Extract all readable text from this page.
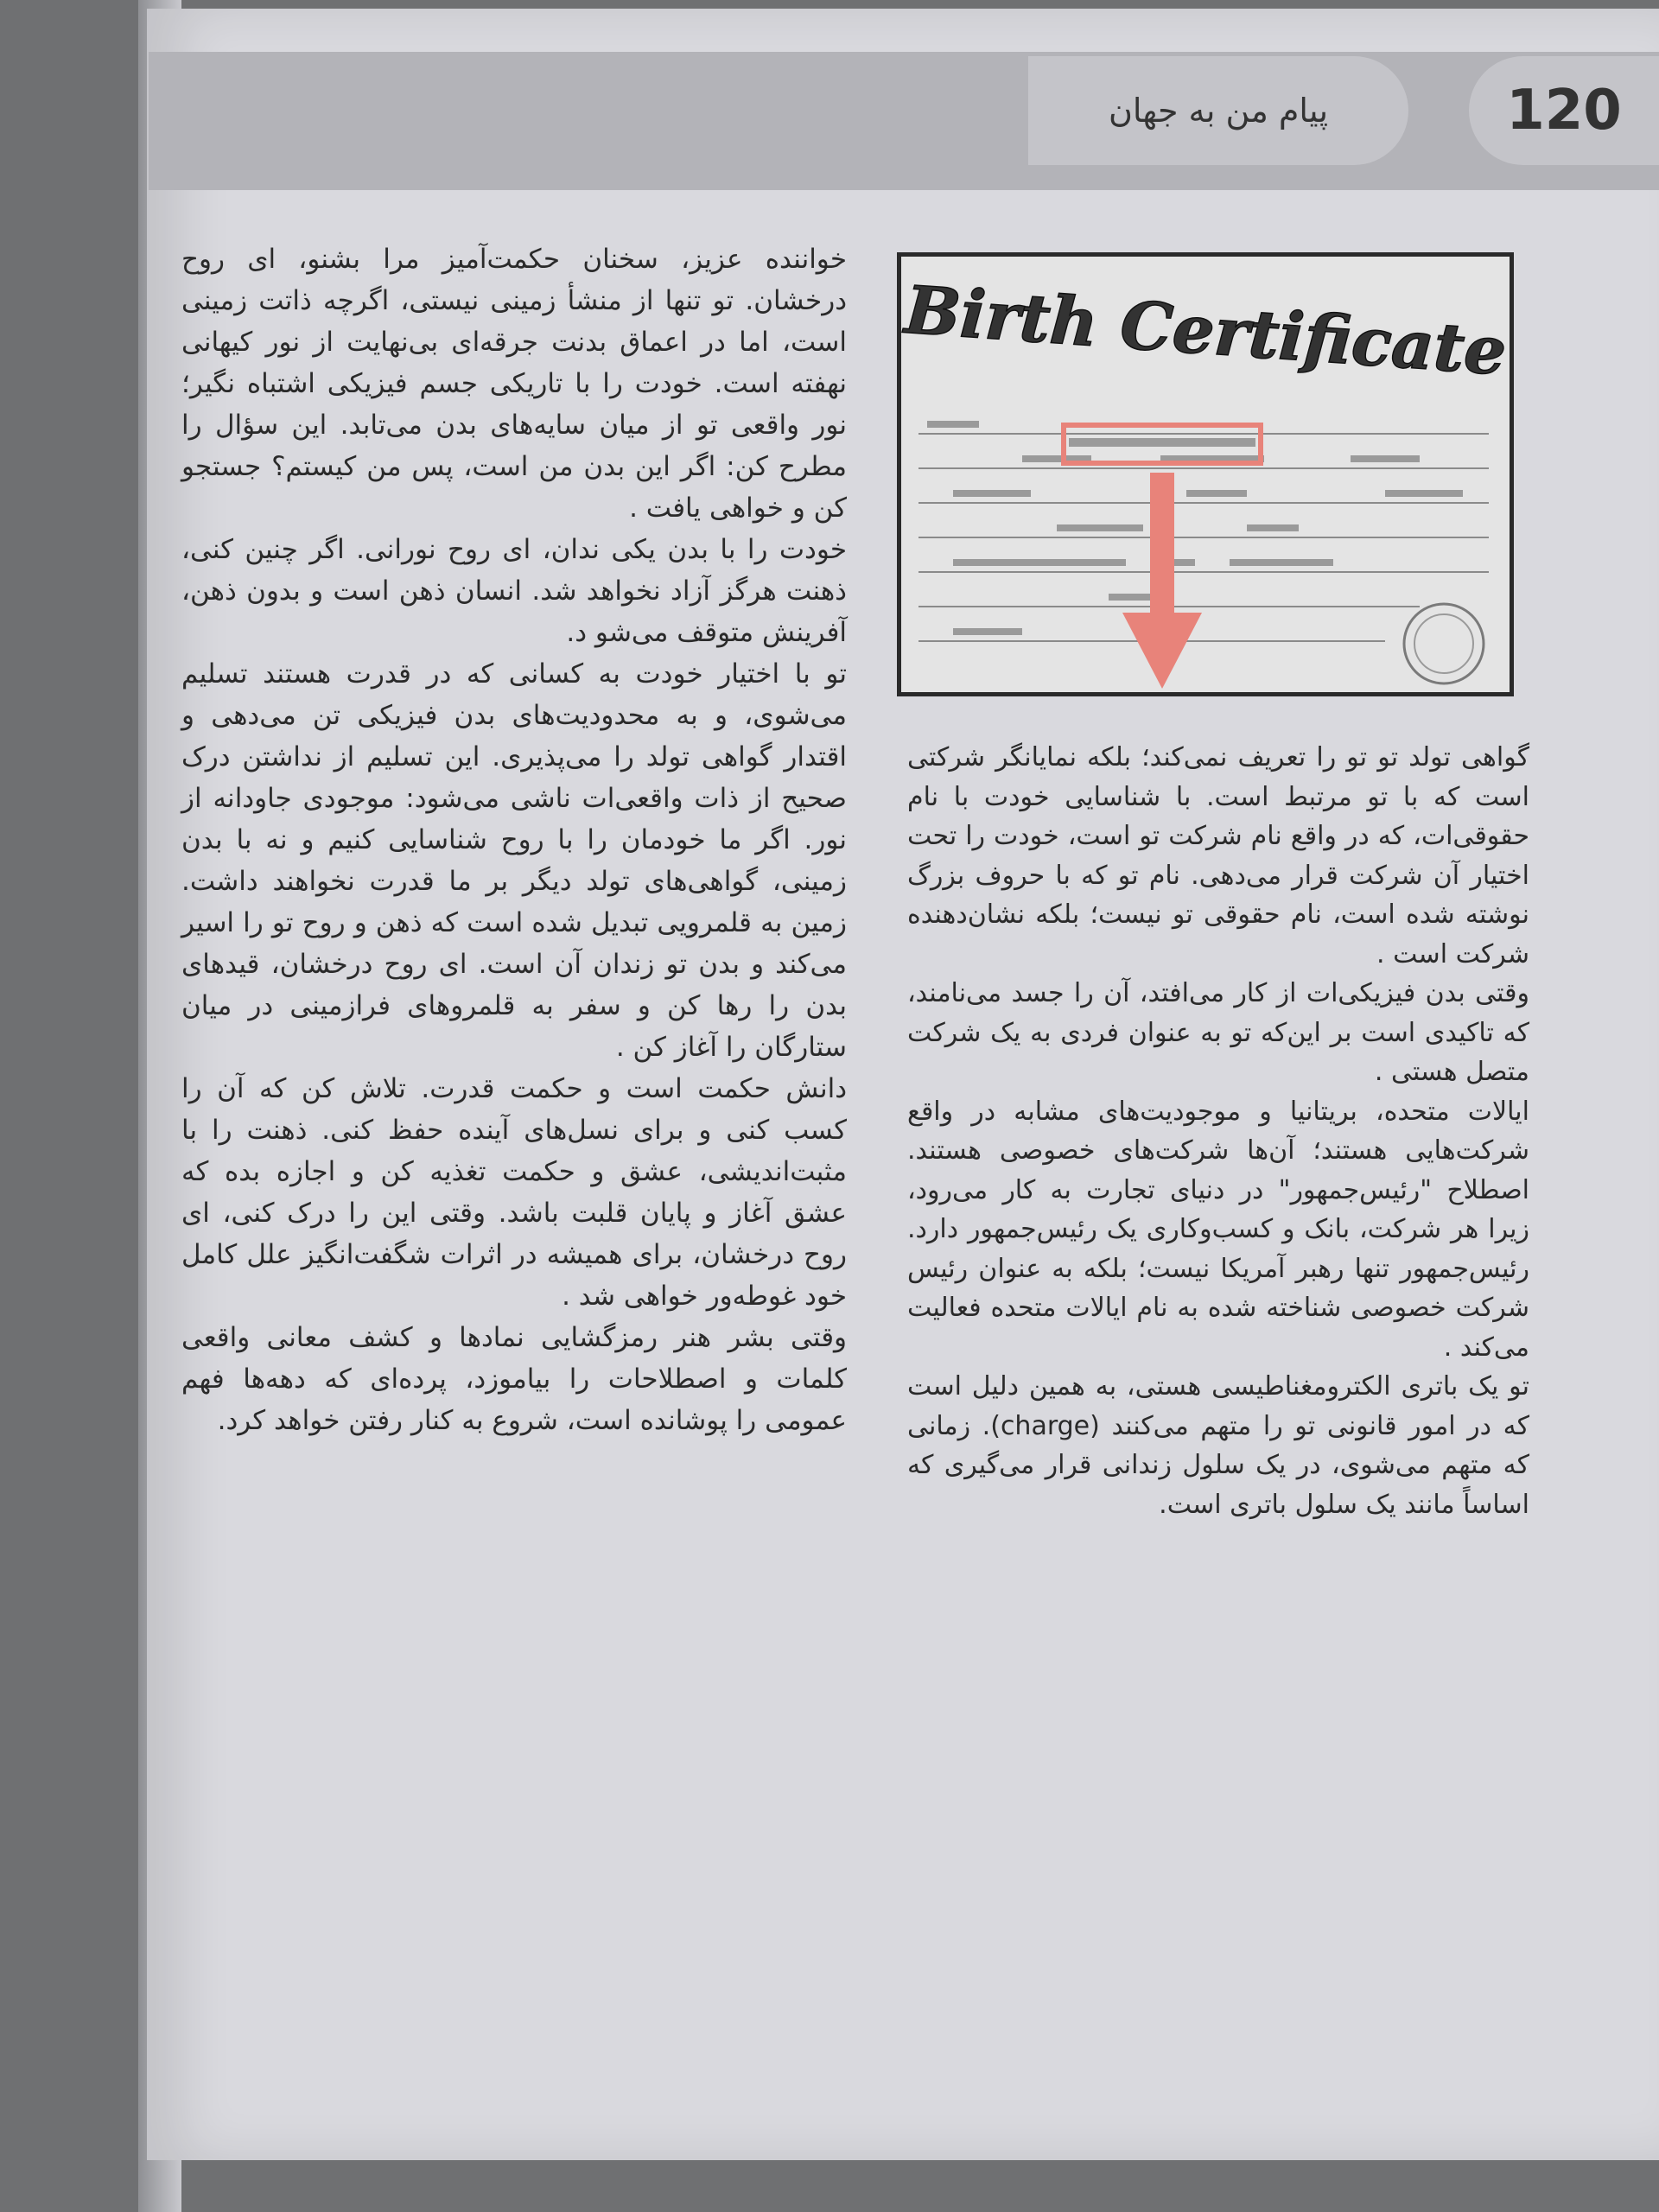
پیام من به جهان	120
Birth Certificate

گواهی تولد تو تو را تعریف نمی‌کند؛ بلکه نمایانگر شرکتی است که با تو مرتبط است. با شناسایی خودت با نام حقوقی‌ات، که در واقع نام شرکت تو است، خودت را تحت اختیار آن شرکت قرار می‌دهی. نام تو که با حروف بزرگ نوشته شده است، نام حقوقی تو نیست؛ بلکه نشان‌دهنده شرکت است .

وقتی بدن فیزیکی‌ات از کار می‌افتد، آن را جسد می‌نامند، که تاکیدی است بر این‌که تو به عنوان فردی به یک شرکت متصل هستی .

ایالات متحده، بریتانیا و موجودیت‌های مشابه در واقع شرکت‌هایی هستند؛ آن‌ها شرکت‌های خصوصی هستند. اصطلاح "رئیس‌جمهور" در دنیای تجارت به کار می‌رود، زیرا هر شرکت، بانک و کسب‌وکاری یک رئیس‌جمهور دارد. رئیس‌جمهور تنها رهبر آمریکا نیست؛ بلکه به عنوان رئیس شرکت خصوصی شناخته شده به نام ایالات متحده فعالیت می‌کند .

تو یک باتری الکترومغناطیسی هستی، به همین دلیل است که در امور قانونی تو را متهم می‌کنند (charge). زمانی که متهم می‌شوی، در یک سلول زندانی قرار می‌گیری که اساساً مانند یک سلول باتری است.

خواننده عزیز، سخنان حکمت‌آمیز مرا بشنو، ای روح درخشان. تو تنها از منشأ زمینی نیستی، اگرچه ذاتت زمینی است، اما در اعماق بدنت جرقه‌ای بی‌نهایت از نور کیهانی نهفته است. خودت را با تاریکی جسم فیزیکی اشتباه نگیر؛ نور واقعی تو از میان سایه‌های بدن می‌تابد. این سؤال را مطرح کن: اگر این بدن من است، پس من کیستم؟ جستجو کن و خواهی یافت .

خودت را با بدن یکی ندان، ای روح نورانی. اگر چنین کنی، ذهنت هرگز آزاد نخواهد شد. انسان ذهن است و بدون ذهن، آفرینش متوقف می‌شو د.

تو با اختیار خودت به کسانی که در قدرت هستند تسلیم می‌شوی، و به محدودیت‌های بدن فیزیکی تن می‌دهی و اقتدار گواهی تولد را می‌پذیری. این تسلیم از نداشتن درک صحیح از ذات واقعی‌ات ناشی می‌شود: موجودی جاودانه از نور. اگر ما خودمان را با روح شناسایی کنیم و نه با بدن زمینی، گواهی‌های تولد دیگر بر ما قدرت نخواهند داشت. زمین به قلمرویی تبدیل شده است که ذهن و روح تو را اسیر می‌کند و بدن تو زندان آن است. ای روح درخشان، قیدهای بدن را رها کن و سفر به قلمروهای فرازمینی در میان ستارگان را آغاز کن .

دانش حکمت است و حکمت قدرت. تلاش کن که آن را کسب کنی و برای نسل‌های آینده حفظ کنی. ذهنت را با مثبت‌اندیشی، عشق و حکمت تغذیه کن و اجازه بده که عشق آغاز و پایان قلبت باشد. وقتی این را درک کنی، ای روح درخشان، برای همیشه در اثرات شگفت‌انگیز علل کامل خود غوطه‌ور خواهی شد .

وقتی بشر هنر رمزگشایی نمادها و کشف معانی واقعی کلمات و اصطلاحات را بیاموزد، پرده‌ای که دهه‌ها فهم عمومی را پوشانده است، شروع به کنار رفتن خواهد کرد.
